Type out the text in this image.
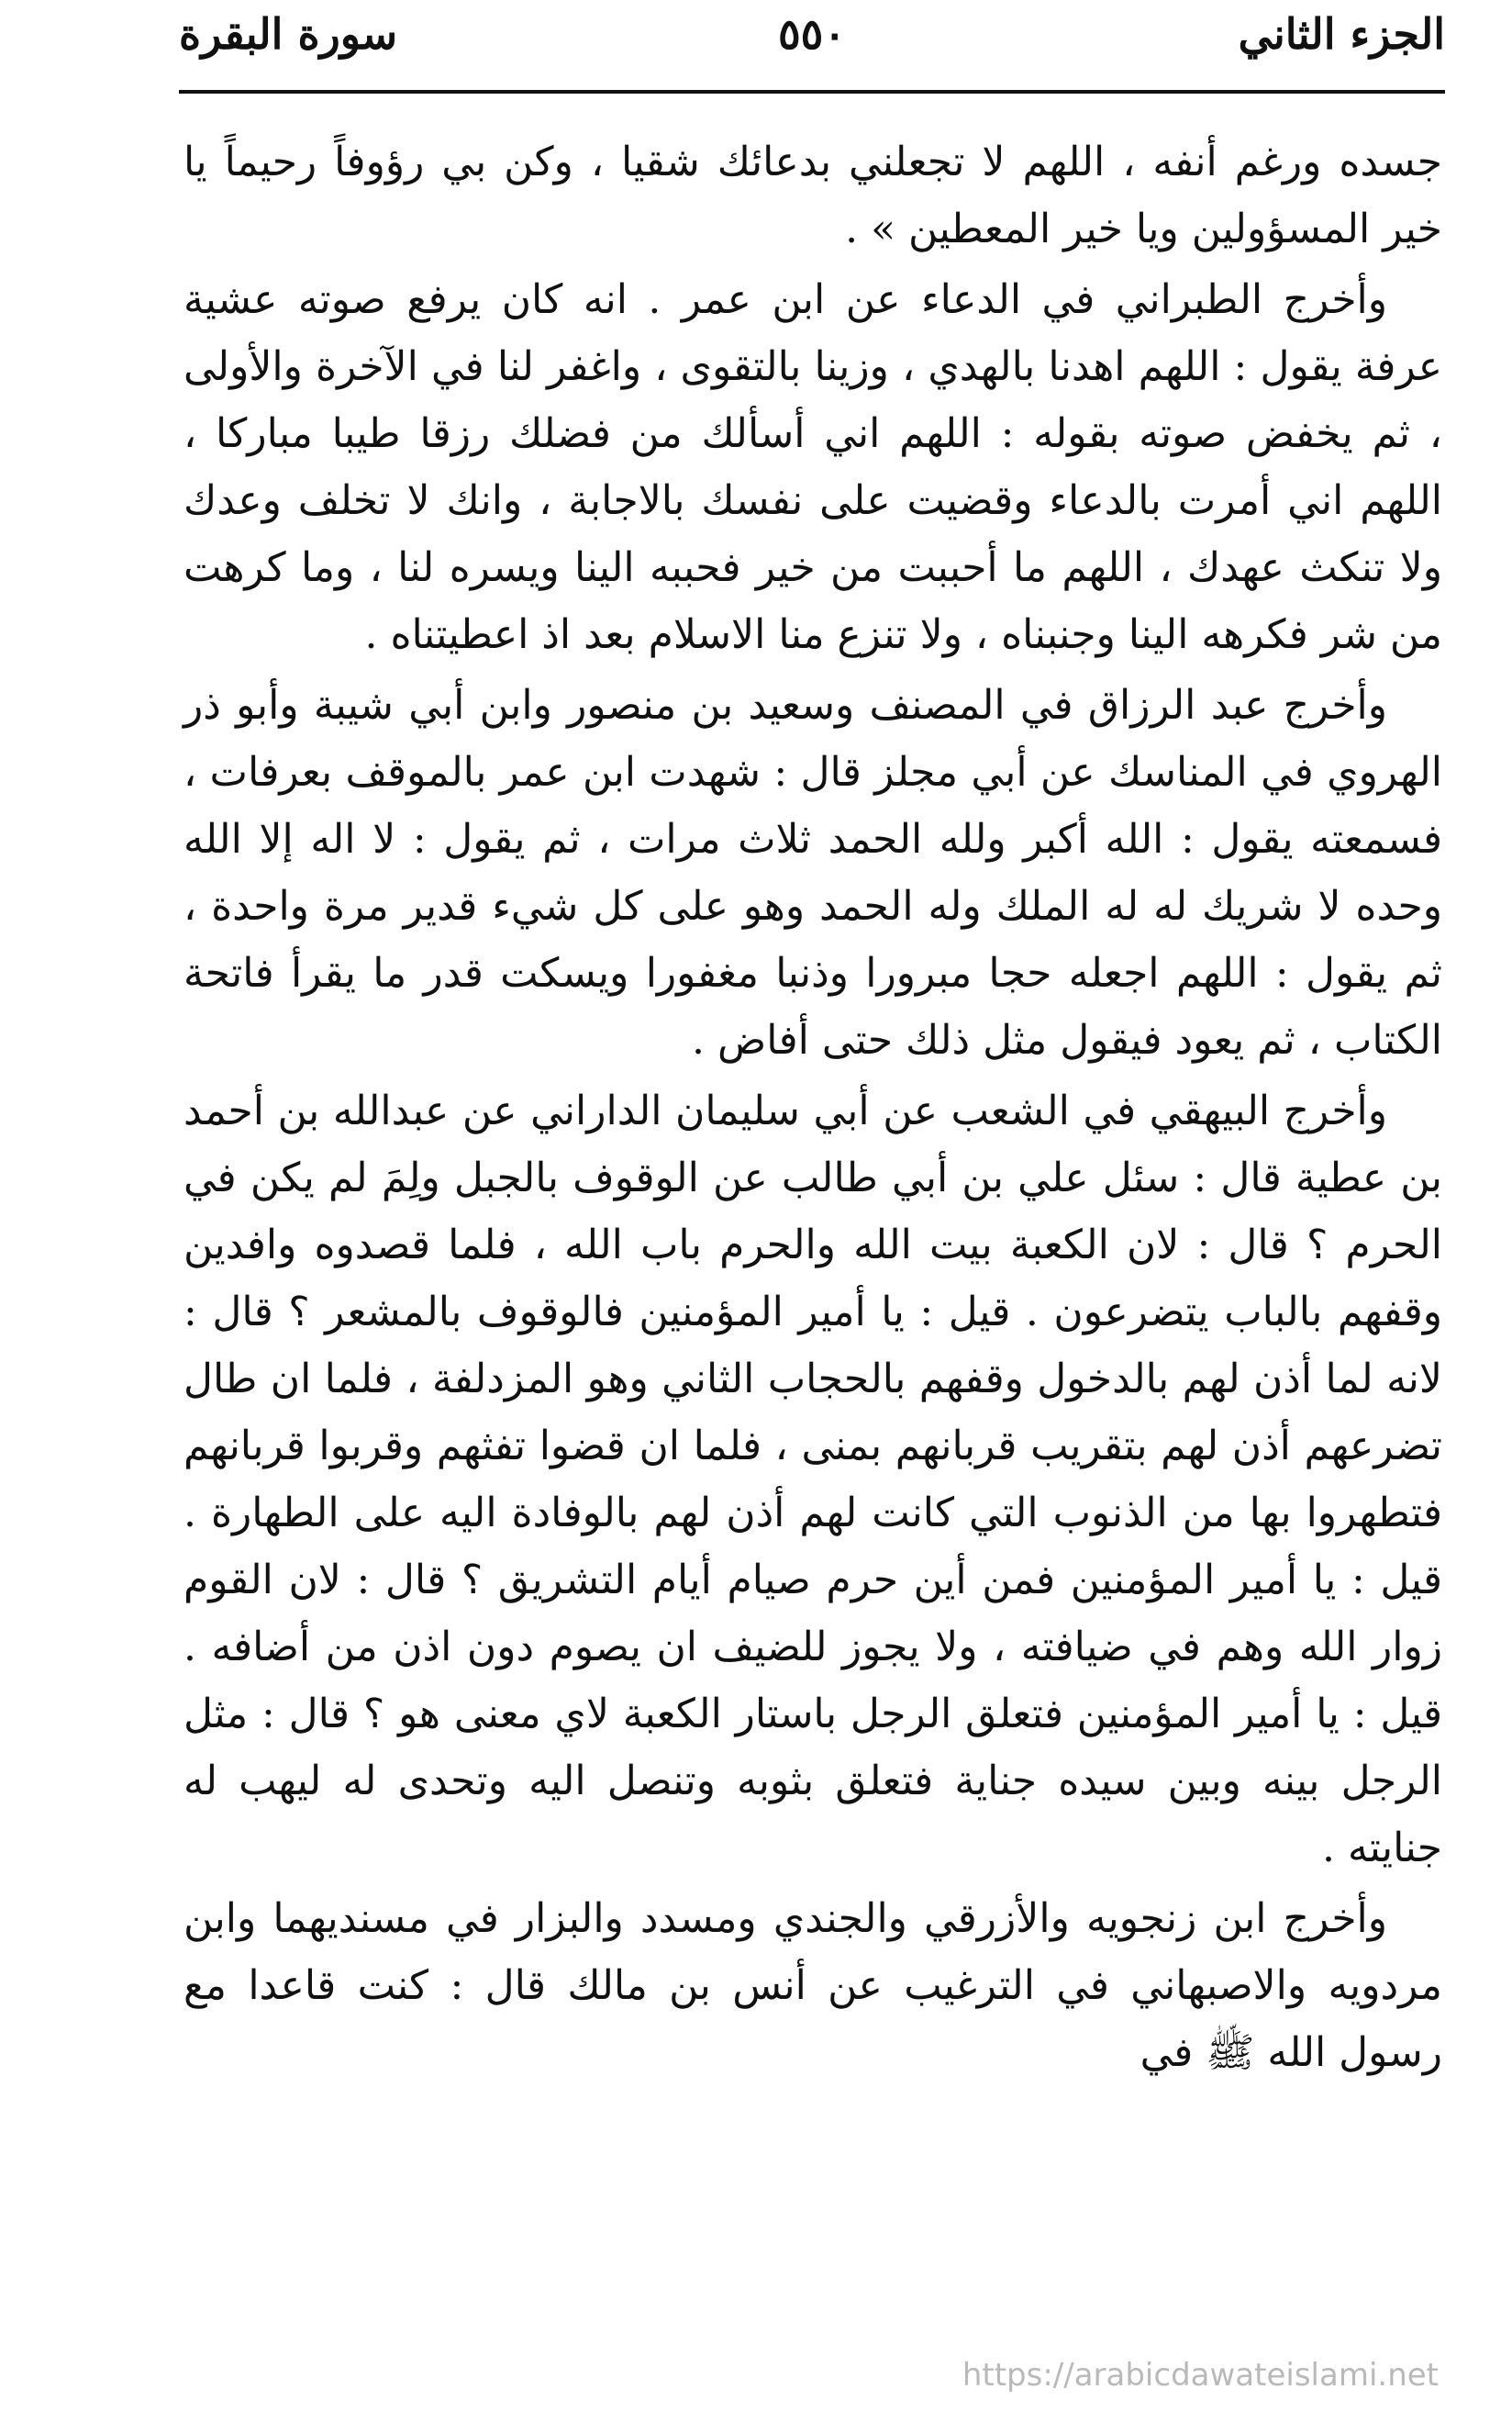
الجزء الثاني
٥٥٠
سورة البقرة

جسده ورغم أنفه ، اللهم لا تجعلني بدعائك شقيا ، وكن بي رؤوفاً رحيماً يا خير المسؤولين ويا خير المعطين » .

وأخرج الطبراني في الدعاء عن ابن عمر . انه كان يرفع صوته عشية عرفة يقول : اللهم اهدنا بالهدي ، وزينا بالتقوى ، واغفر لنا في الآخرة والأولى ، ثم يخفض صوته بقوله : اللهم اني أسألك من فضلك رزقا طيبا مباركا ، اللهم اني أمرت بالدعاء وقضيت على نفسك بالاجابة ، وانك لا تخلف وعدك ولا تنكث عهدك ، اللهم ما أحببت من خير فحببه الينا ويسره لنا ، وما كرهت من شر فكرهه الينا وجنبناه ، ولا تنزع منا الاسلام بعد اذ اعطيتناه .

وأخرج عبد الرزاق في المصنف وسعيد بن منصور وابن أبي شيبة وأبو ذر الهروي في المناسك عن أبي مجلز قال : شهدت ابن عمر بالموقف بعرفات ، فسمعته يقول : الله أكبر ولله الحمد ثلاث مرات ، ثم يقول : لا اله إلا الله وحده لا شريك له له الملك وله الحمد وهو على كل شيء قدير مرة واحدة ، ثم يقول : اللهم اجعله حجا مبرورا وذنبا مغفورا ويسكت قدر ما يقرأ فاتحة الكتاب ، ثم يعود فيقول مثل ذلك حتى أفاض .

وأخرج البيهقي في الشعب عن أبي سليمان الداراني عن عبدالله بن أحمد بن عطية قال : سئل علي بن أبي طالب عن الوقوف بالجبل ولِمَ لم يكن في الحرم ؟ قال : لان الكعبة بيت الله والحرم باب الله ، فلما قصدوه وافدين وقفهم بالباب يتضرعون . قيل : يا أمير المؤمنين فالوقوف بالمشعر ؟ قال : لانه لما أذن لهم بالدخول وقفهم بالحجاب الثاني وهو المزدلفة ، فلما ان طال تضرعهم أذن لهم بتقريب قربانهم بمنى ، فلما ان قضوا تفثهم وقربوا قربانهم فتطهروا بها من الذنوب التي كانت لهم أذن لهم بالوفادة اليه على الطهارة . قيل : يا أمير المؤمنين فمن أين حرم صيام أيام التشريق ؟ قال : لان القوم زوار الله وهم في ضيافته ، ولا يجوز للضيف ان يصوم دون اذن من أضافه . قيل : يا أمير المؤمنين فتعلق الرجل باستار الكعبة لاي معنى هو ؟ قال : مثل الرجل بينه وبين سيده جناية فتعلق بثوبه وتنصل اليه وتحدى له ليهب له جنايته .

وأخرج ابن زنجويه والأزرقي والجندي ومسدد والبزار في مسنديهما وابن مردويه والاصبهاني في الترغيب عن أنس بن مالك قال : كنت قاعدا مع رسول الله ﷺ في

https://arabicdawateislami.net
